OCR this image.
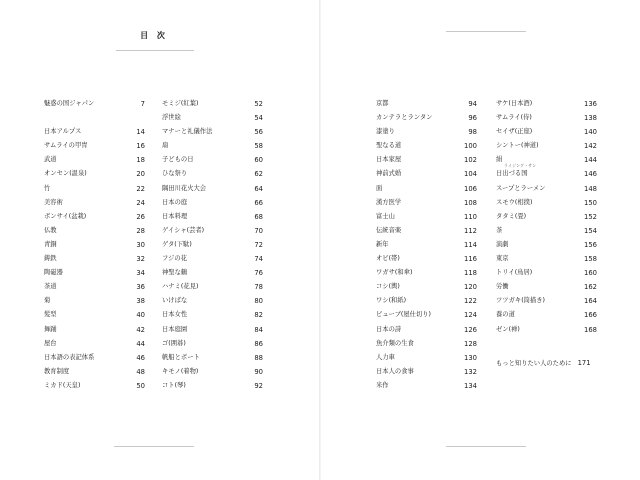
目 次
魅惑の国ジャパン	7
日本アルプス	14
サムライの甲冑	16
武道	18
オンセン(温泉)	20
竹	22
美容術	24
ボンサイ(盆栽)	26
仏教	28
青銅	30
鋳鉄	32
陶磁器	34
茶道	36
菊	38
髪型	40
舞踊	42
屋台	44
日本語の表記体系	46
教育制度	48
ミカド(天皇)	50
モミジ(紅葉)	52
浮世絵	54
マナーと礼儀作法	56
扇	58
子どもの日	60
ひな祭り	62
隅田川花火大会	64
日本の庭	66
日本料理	68
ゲイシャ(芸者)	70
ゲタ(下駄)	72
フジの花	74
神聖な鶴	76
ハナミ(花見)	78
いけばな	80
日本女性	82
日本庭園	84
ゴ(囲碁)	86
帆船とボート	88
キモノ(着物)	90
コト(琴)	92
京都	94
カンテラとランタン	96
漆塗り	98
聖なる道	100
日本家屋	102
神前式婚	104
面	106
漢方医学	108
富士山	110
伝統音楽	112
新年	114
オビ(帯)	116
ワガサ(和傘)	118
コシ(輿)	120
ワシ(和紙)	122
ビューブ(屋仕切り)	124
日本の詩	126
魚介類の生食	128
人力車	130
日本人の食事	132
米作	134
サケ(日本酒)	136
サムライ(侍)	138
セイザ(正座)	140
シントー(神道)	142
絹	144
日出づる国	146
スープとラーメン	148
スモウ(相撲)	150
タタミ(畳)	152
茶	154
演劇	156
東京	158
トリイ(鳥居)	160
労働	162
ツツガキ(筒描き)	164
養の道	166
ゼン(禅)	168
ライジング・サン
もっと知りたい人のために 171
